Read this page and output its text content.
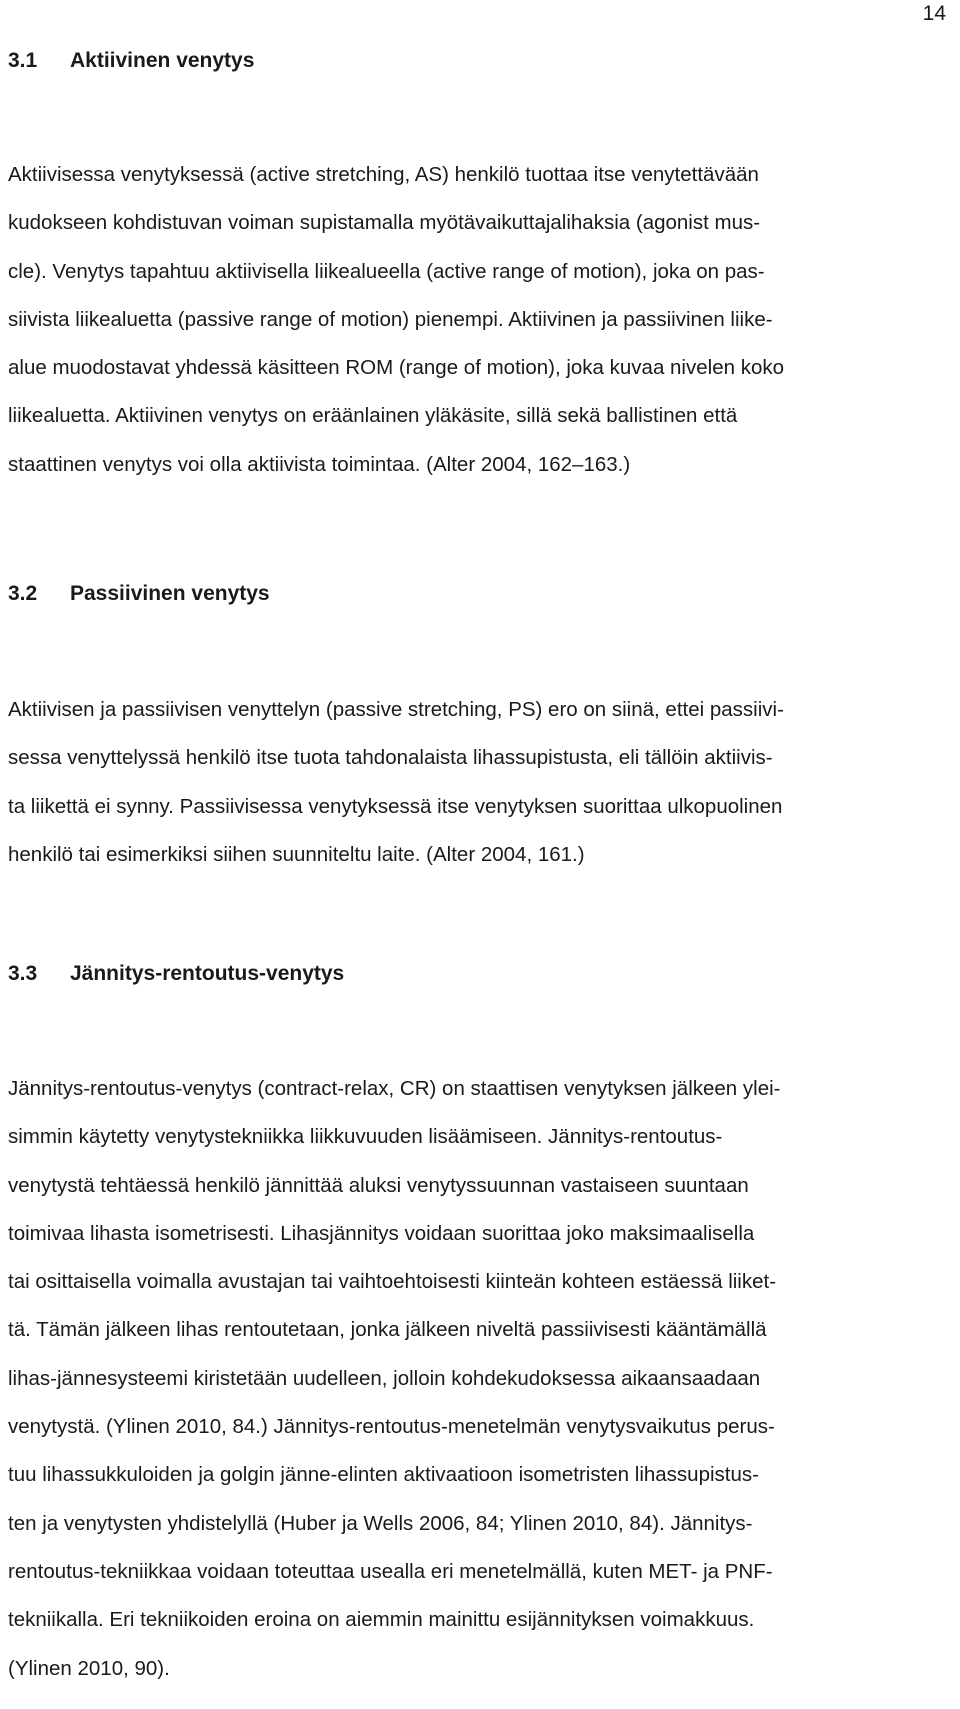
14
3.1 Aktiivinen venytys

Aktiivisessa venytyksessä (active stretching, AS) henkilö tuottaa itse venytettävään
kudokseen kohdistuvan voiman supistamalla myötävaikuttajalihaksia (agonist mus-
cle). Venytys tapahtuu aktiivisella liikealueella (active range of motion), joka on pas-
siivista liikealuetta (passive range of motion) pienempi. Aktiivinen ja passiivinen liike-
alue muodostavat yhdessä käsitteen ROM (range of motion), joka kuvaa nivelen koko
liikealuetta. Aktiivinen venytys on eräänlainen yläkäsite, sillä sekä ballistinen että
staattinen venytys voi olla aktiivista toimintaa. (Alter 2004, 162–163.)

3.2 Passiivinen venytys

Aktiivisen ja passiivisen venyttelyn (passive stretching, PS) ero on siinä, ettei passiivi-
sessa venyttelyssä henkilö itse tuota tahdonalaista lihassupistusta, eli tällöin aktiivis-
ta liikettä ei synny. Passiivisessa venytyksessä itse venytyksen suorittaa ulkopuolinen
henkilö tai esimerkiksi siihen suunniteltu laite. (Alter 2004, 161.)

3.3 Jännitys-rentoutus-venytys

Jännitys-rentoutus-venytys (contract-relax, CR) on staattisen venytyksen jälkeen ylei-
simmin käytetty venytystekniikka liikkuvuuden lisäämiseen. Jännitys-rentoutus-
venytystä tehtäessä henkilö jännittää aluksi venytyssuunnan vastaiseen suuntaan
toimivaa lihasta isometrisesti. Lihasjännitys voidaan suorittaa joko maksimaalisella
tai osittaisella voimalla avustajan tai vaihtoehtoisesti kiinteän kohteen estäessä liiket-
tä. Tämän jälkeen lihas rentoutetaan, jonka jälkeen niveltä passiivisesti kääntämällä
lihas-jännesysteemi kiristetään uudelleen, jolloin kohdekudoksessa aikaansaadaan
venytystä. (Ylinen 2010, 84.) Jännitys-rentoutus-menetelmän venytysvaikutus perus-
tuu lihassukkuloiden ja golgin jänne-elinten aktivaatioon isometristen lihassupistus-
ten ja venytysten yhdistelyllä (Huber ja Wells 2006, 84; Ylinen 2010, 84). Jännitys-
rentoutus-tekniikkaa voidaan toteuttaa usealla eri menetelmällä, kuten MET- ja PNF-
tekniikalla. Eri tekniikoiden eroina on aiemmin mainittu esijännityksen voimakkuus.
(Ylinen 2010, 90).
